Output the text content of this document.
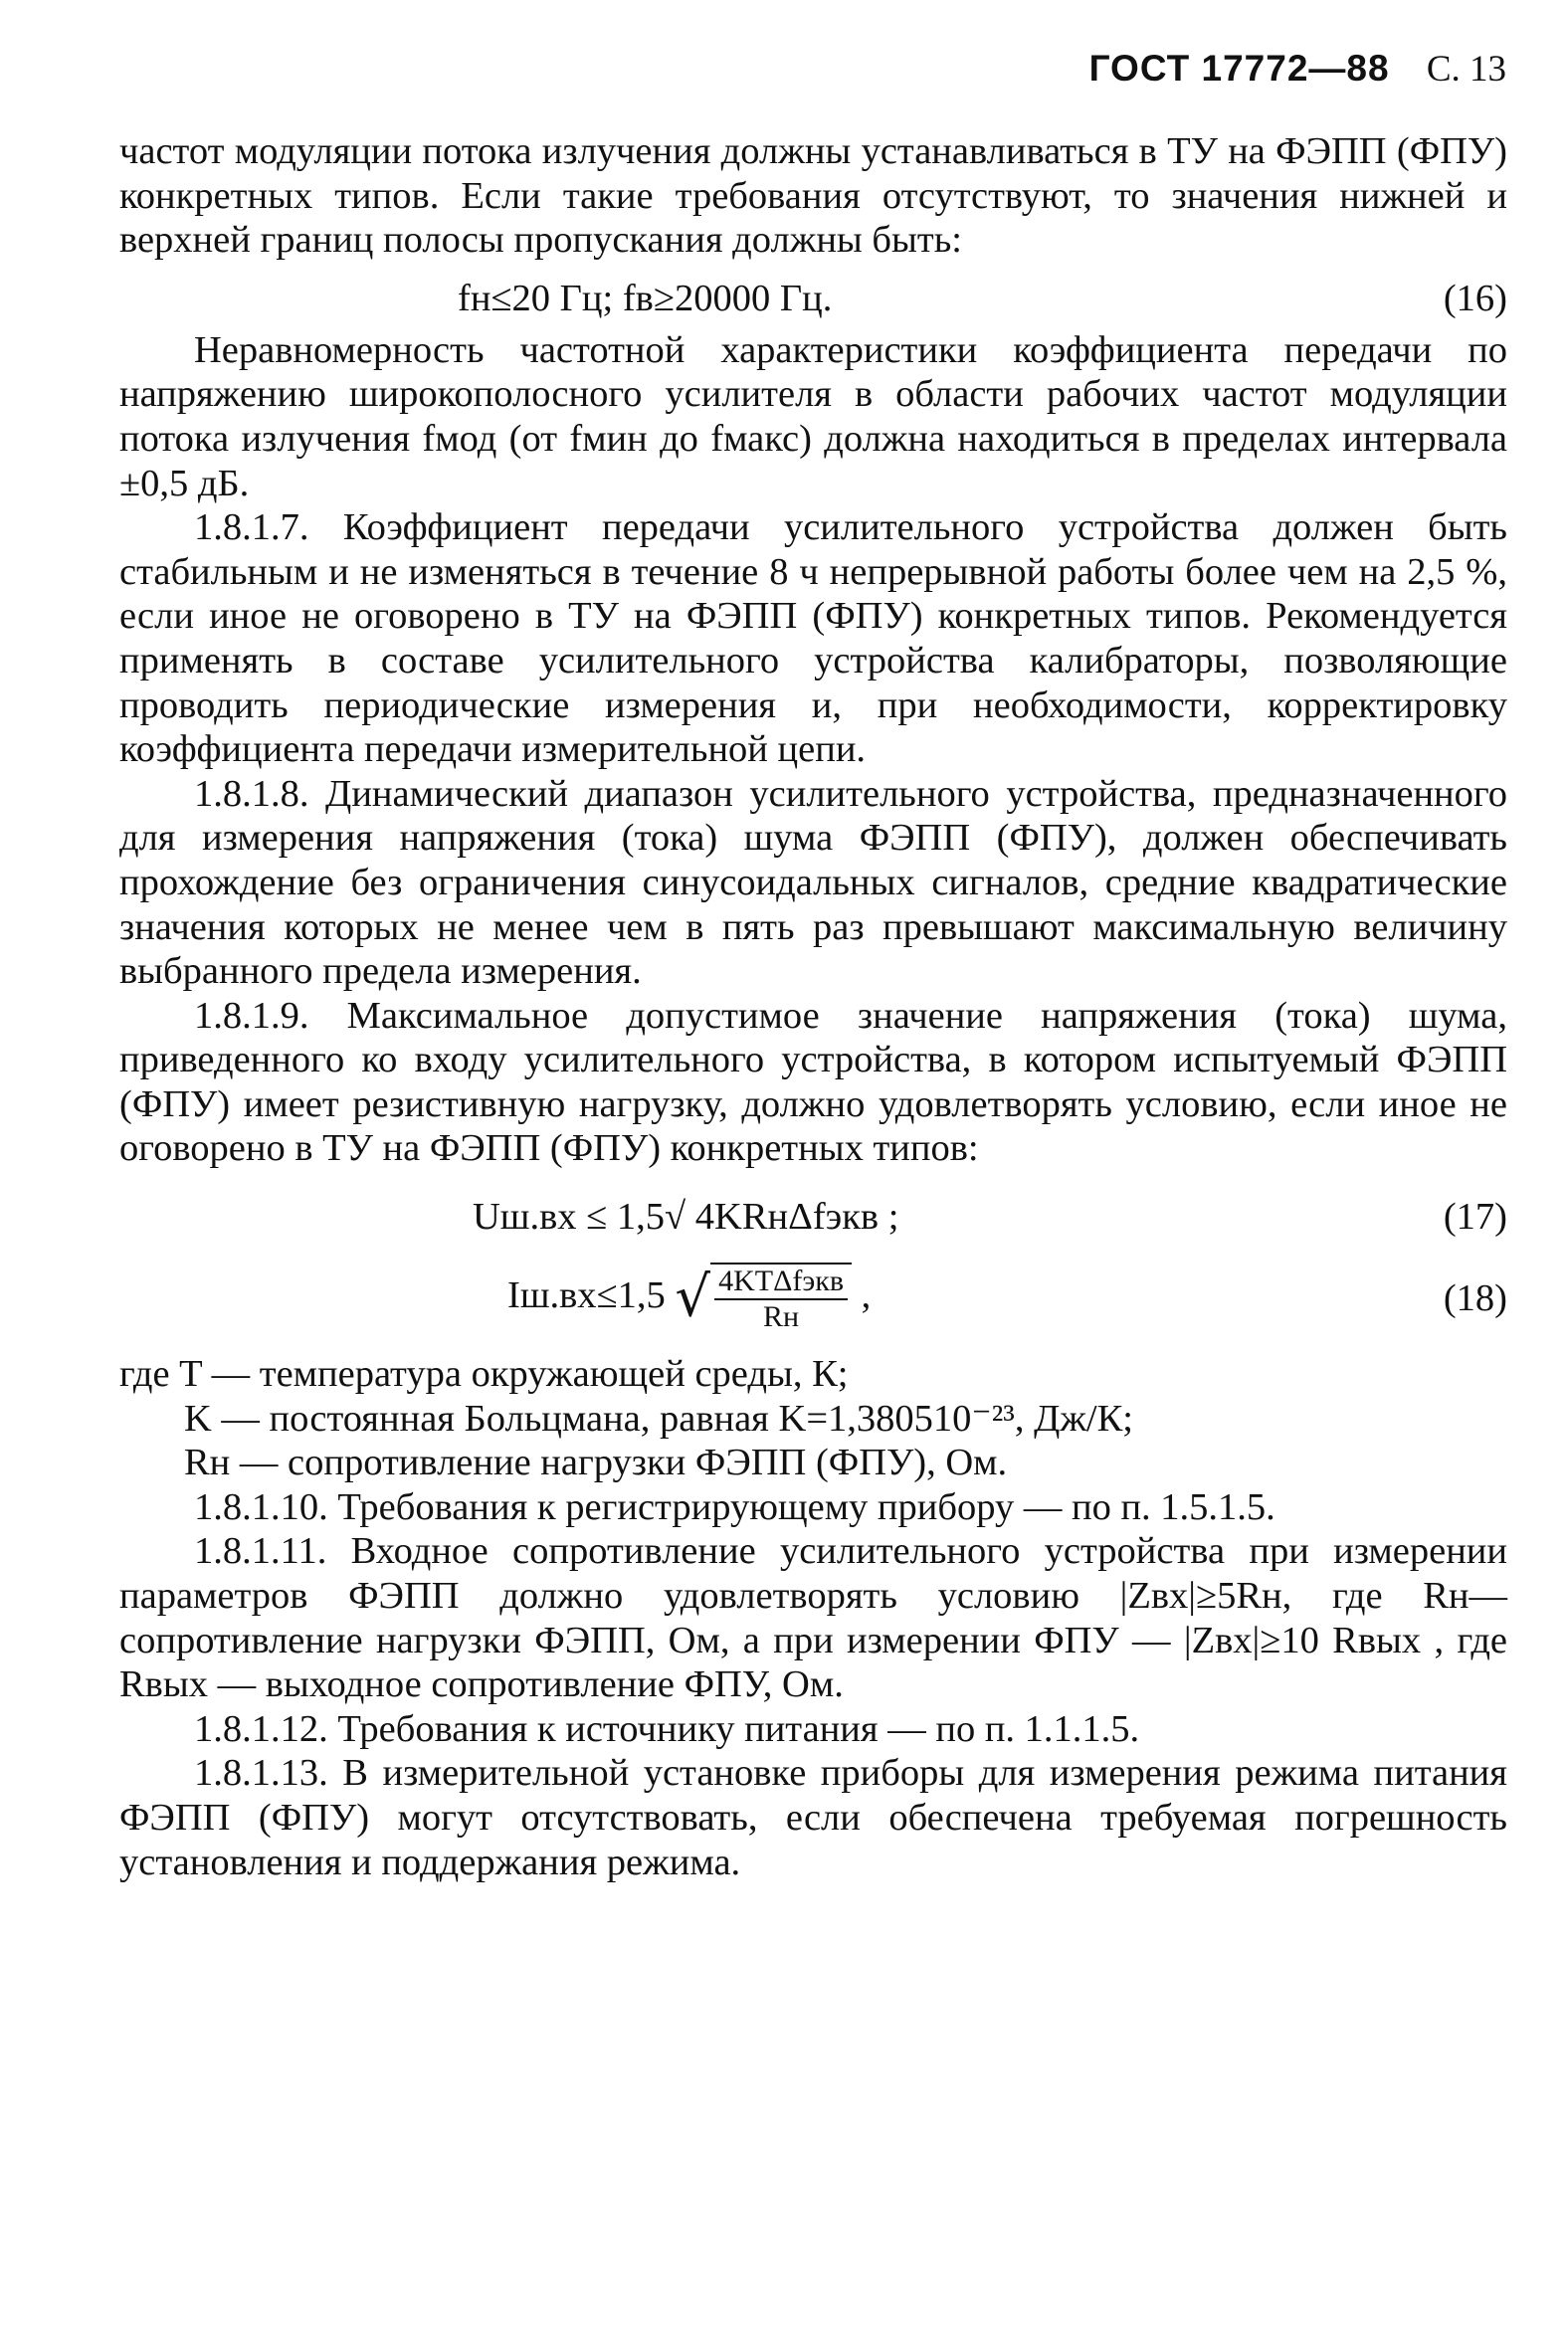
ГОСТ 17772—88 С. 13

частот модуляции потока излучения должны устанавливаться в ТУ на ФЭПП (ФПУ) конкретных типов. Если такие требования отсутствуют, то значения нижней и верхней границ полосы пропускания должны быть:

fн≤20 Гц; fв≥20000 Гц.	(16)

Неравномерность частотной характеристики коэффициента передачи по напряжению широкополосного усилителя в области рабочих частот модуляции потока излучения fмод (от fмин до fмакс) должна находиться в пределах интервала ±0,5 дБ.

1.8.1.7. Коэффициент передачи усилительного устройства должен быть стабильным и не изменяться в течение 8 ч непрерывной работы более чем на 2,5 %, если иное не оговорено в ТУ на ФЭПП (ФПУ) конкретных типов. Рекомендуется применять в составе усилительного устройства калибраторы, позволяющие проводить периодические измерения и, при необходимости, корректировку коэффициента передачи измерительной цепи.

1.8.1.8. Динамический диапазон усилительного устройства, предназначенного для измерения напряжения (тока) шума ФЭПП (ФПУ), должен обеспечивать прохождение без ограничения синусоидальных сигналов, средние квадратические значения которых не менее чем в пять раз превышают максимальную величину выбранного предела измерения.

1.8.1.9. Максимальное допустимое значение напряжения (тока) шума, приведенного ко входу усилительного устройства, в котором испытуемый ФЭПП (ФПУ) имеет резистивную нагрузку, должно удовлетворять условию, если иное не оговорено в ТУ на ФЭПП (ФПУ) конкретных типов:

Uш.вх ≤ 1,5√ 4KRнΔfэкв ;	(17)
Iш.вх≤1,5 √ $\frac{\text{4KTΔfэкв}}{Rн}$ ,	(18)

где T — температура окружающей среды, К;

K — постоянная Больцмана, равная K=1,380510⁻²³, Дж/К;

Rн — сопротивление нагрузки ФЭПП (ФПУ), Ом.

1.8.1.10. Требования к регистрирующему прибору — по п. 1.5.1.5.

1.8.1.11. Входное сопротивление усилительного устройства при измерении параметров ФЭПП должно удовлетворять условию |Zвх|≥5Rн, где Rн— сопротивление нагрузки ФЭПП, Ом, а при измерении ФПУ — |Zвх|≥10 Rвых , где Rвых — выходное сопротивление ФПУ, Ом.

1.8.1.12. Требования к источнику питания — по п. 1.1.1.5.

1.8.1.13. В измерительной установке приборы для измерения режима питания ФЭПП (ФПУ) могут отсутствовать, если обеспечена требуемая погрешность установления и поддержания режима.
